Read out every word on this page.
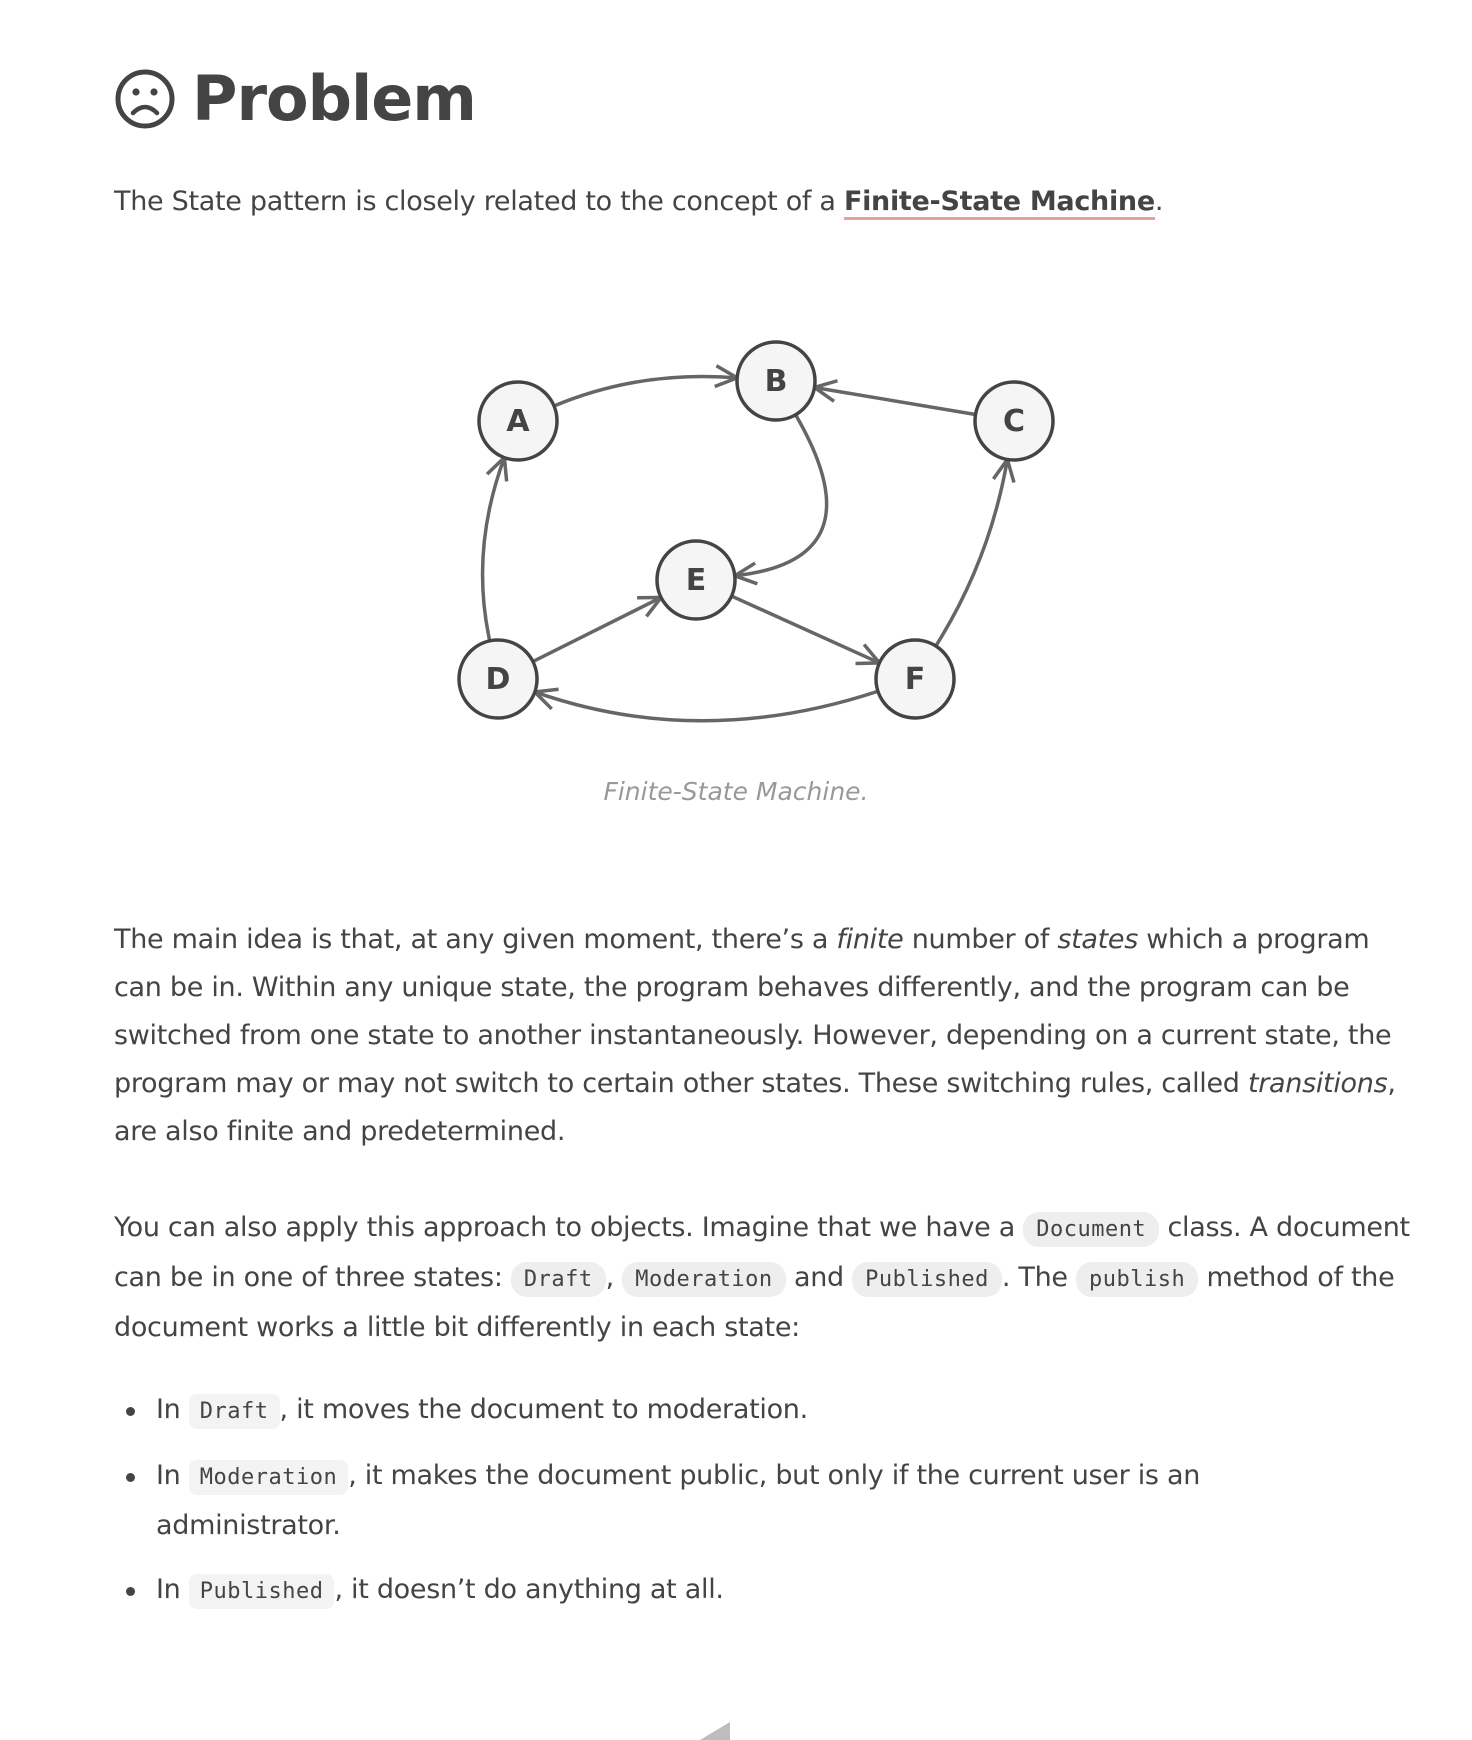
Problem

The State pattern is closely related to the concept of a Finite-State Machine.

A
B
C
D
E
F
Finite-State Machine.

The main idea is that, at any given moment, there’s a finite number of states which a program can be in. Within any unique state, the program behaves differently, and the program can be switched from one state to another instantaneously. However, depending on a current state, the program may or may not switch to certain other states. These switching rules, called transitions, are also finite and predetermined.

You can also apply this approach to objects. Imagine that we have a Document class. A document can be in one of three states: Draft , Moderation and Published . The publish method of the document works a little bit differently in each state:

In Draft , it moves the document to moderation.
In Moderation , it makes the document public, but only if the current user is an administrator.
In Published , it doesn’t do anything at all.
